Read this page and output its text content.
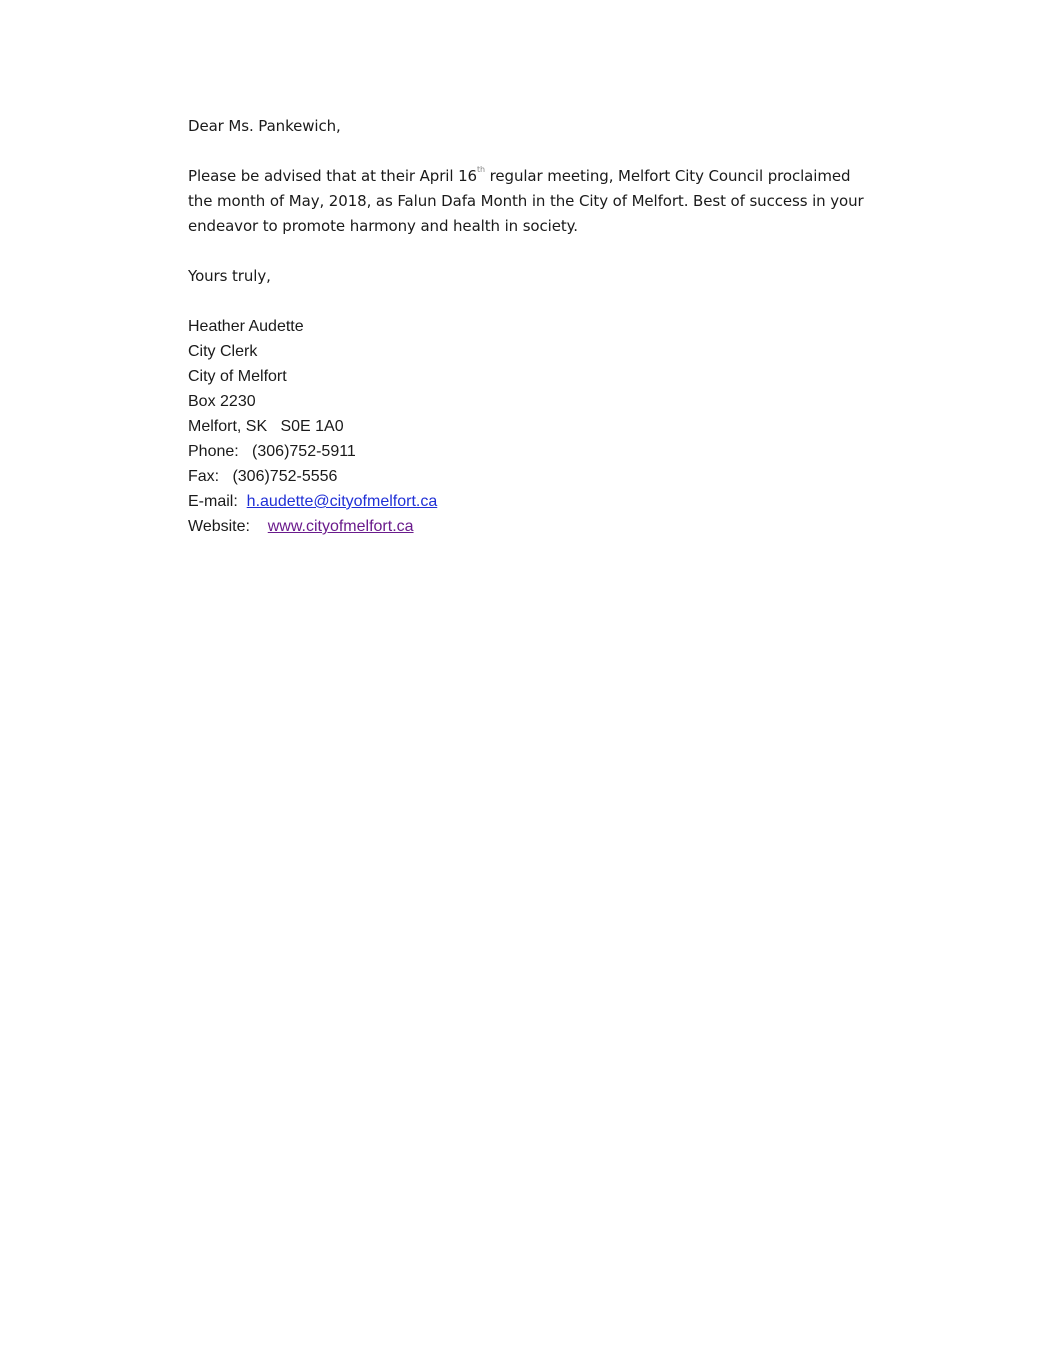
Dear Ms. Pankewich,

Please be advised that at their April 16th regular meeting, Melfort City Council proclaimed the month of May, 2018, as Falun Dafa Month in the City of Melfort. Best of success in your endeavor to promote harmony and health in society.

Yours truly,

Heather Audette
City Clerk
City of Melfort
Box 2230
Melfort, SK   S0E 1A0
Phone:   (306)752-5911
Fax:   (306)752-5556
E-mail:  h.audette@cityofmelfort.ca
Website:    www.cityofmelfort.ca
